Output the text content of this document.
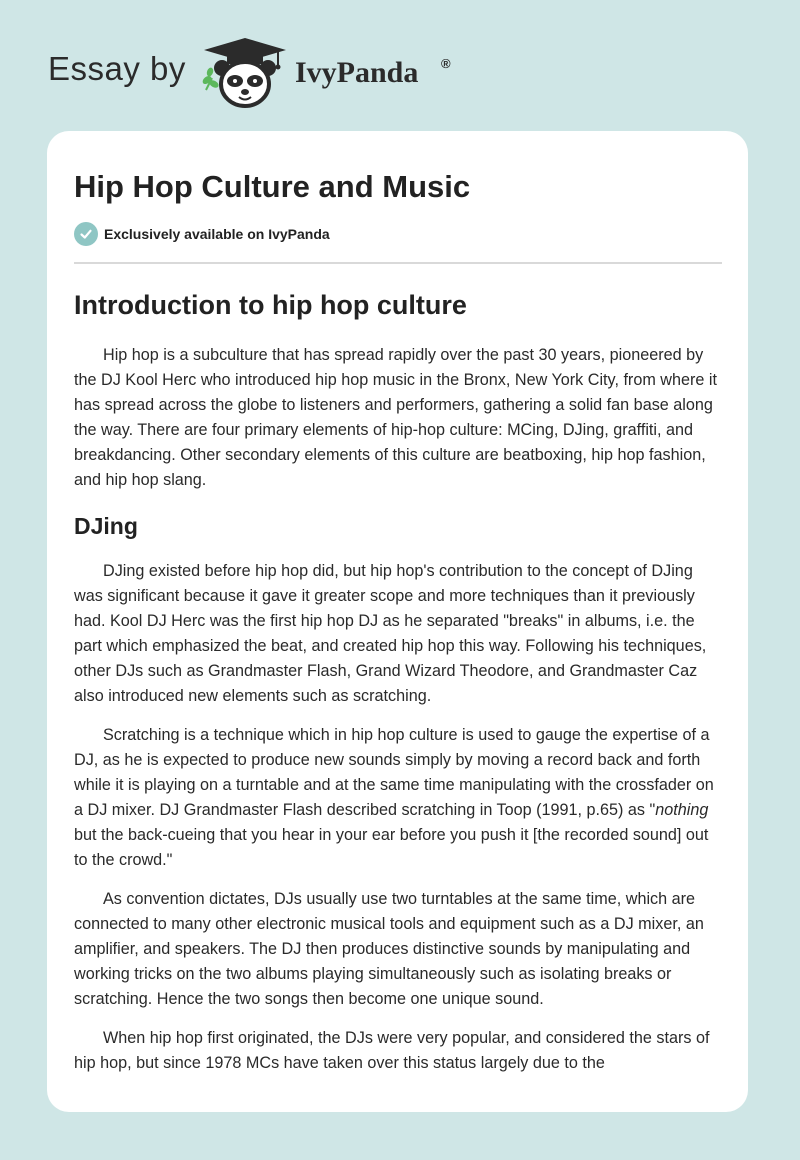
Essay by	IvyPanda ®
Hip Hop Culture and Music
Exclusively available on IvyPanda
Introduction to hip hop culture

Hip hop is a subculture that has spread rapidly over the past 30 years, pioneered by the DJ Kool Herc who introduced hip hop music in the Bronx, New York City, from where it has spread across the globe to listeners and performers, gathering a solid fan base along the way. There are four primary elements of hip-hop culture: MCing, DJing, graffiti, and breakdancing. Other secondary elements of this culture are beatboxing, hip hop fashion, and hip hop slang.

DJing

DJing existed before hip hop did, but hip hop's contribution to the concept of DJing was significant because it gave it greater scope and more techniques than it previously had. Kool DJ Herc was the first hip hop DJ as he separated "breaks" in albums, i.e. the part which emphasized the beat, and created hip hop this way. Following his techniques, other DJs such as Grandmaster Flash, Grand Wizard Theodore, and Grandmaster Caz also introduced new elements such as scratching.

Scratching is a technique which in hip hop culture is used to gauge the expertise of a DJ, as he is expected to produce new sounds simply by moving a record back and forth while it is playing on a turntable and at the same time manipulating with the crossfader on a DJ mixer. DJ Grandmaster Flash described scratching in Toop (1991, p.65) as "nothing but the back-cueing that you hear in your ear before you push it [the recorded sound] out to the crowd."

As convention dictates, DJs usually use two turntables at the same time, which are connected to many other electronic musical tools and equipment such as a DJ mixer, an amplifier, and speakers. The DJ then produces distinctive sounds by manipulating and working tricks on the two albums playing simultaneously such as isolating breaks or scratching. Hence the two songs then become one unique sound.

When hip hop first originated, the DJs were very popular, and considered the stars of hip hop, but since 1978 MCs have taken over this status largely due to the
